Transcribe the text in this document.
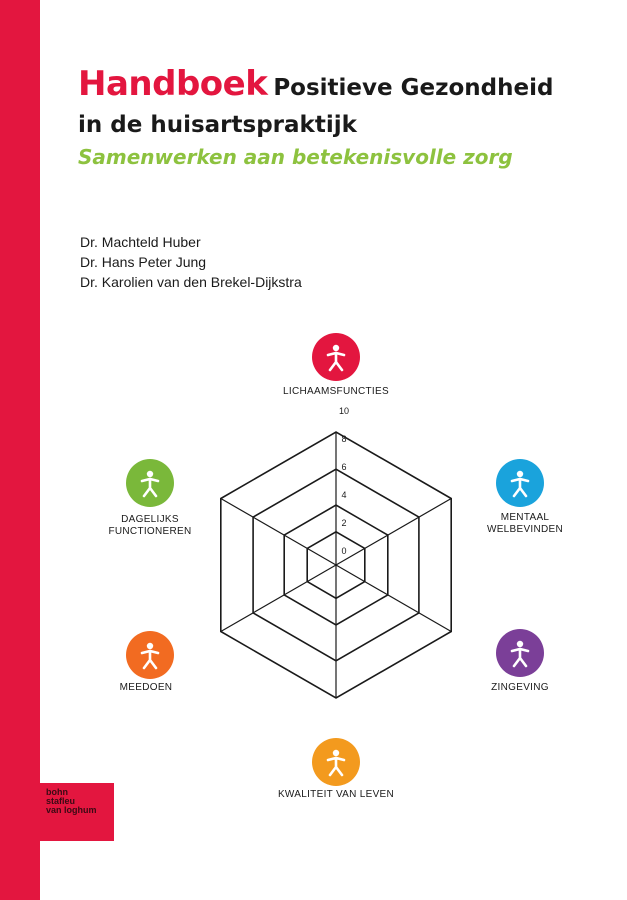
Handboek Positieve Gezondheid
in de huisartspraktijk
Samenwerken aan betekenisvolle zorg
Dr. Machteld Huber
Dr. Hans Peter Jung
Dr. Karolien van den Brekel-Dijkstra
0
2
4
6
8
10
LICHAAMSFUNCTIES
MENTAAL
WELBEVINDEN
ZINGEVING
KWALITEIT VAN LEVEN
MEEDOEN
DAGELIJKS
FUNCTIONEREN
bohn
stafleu
van loghum
